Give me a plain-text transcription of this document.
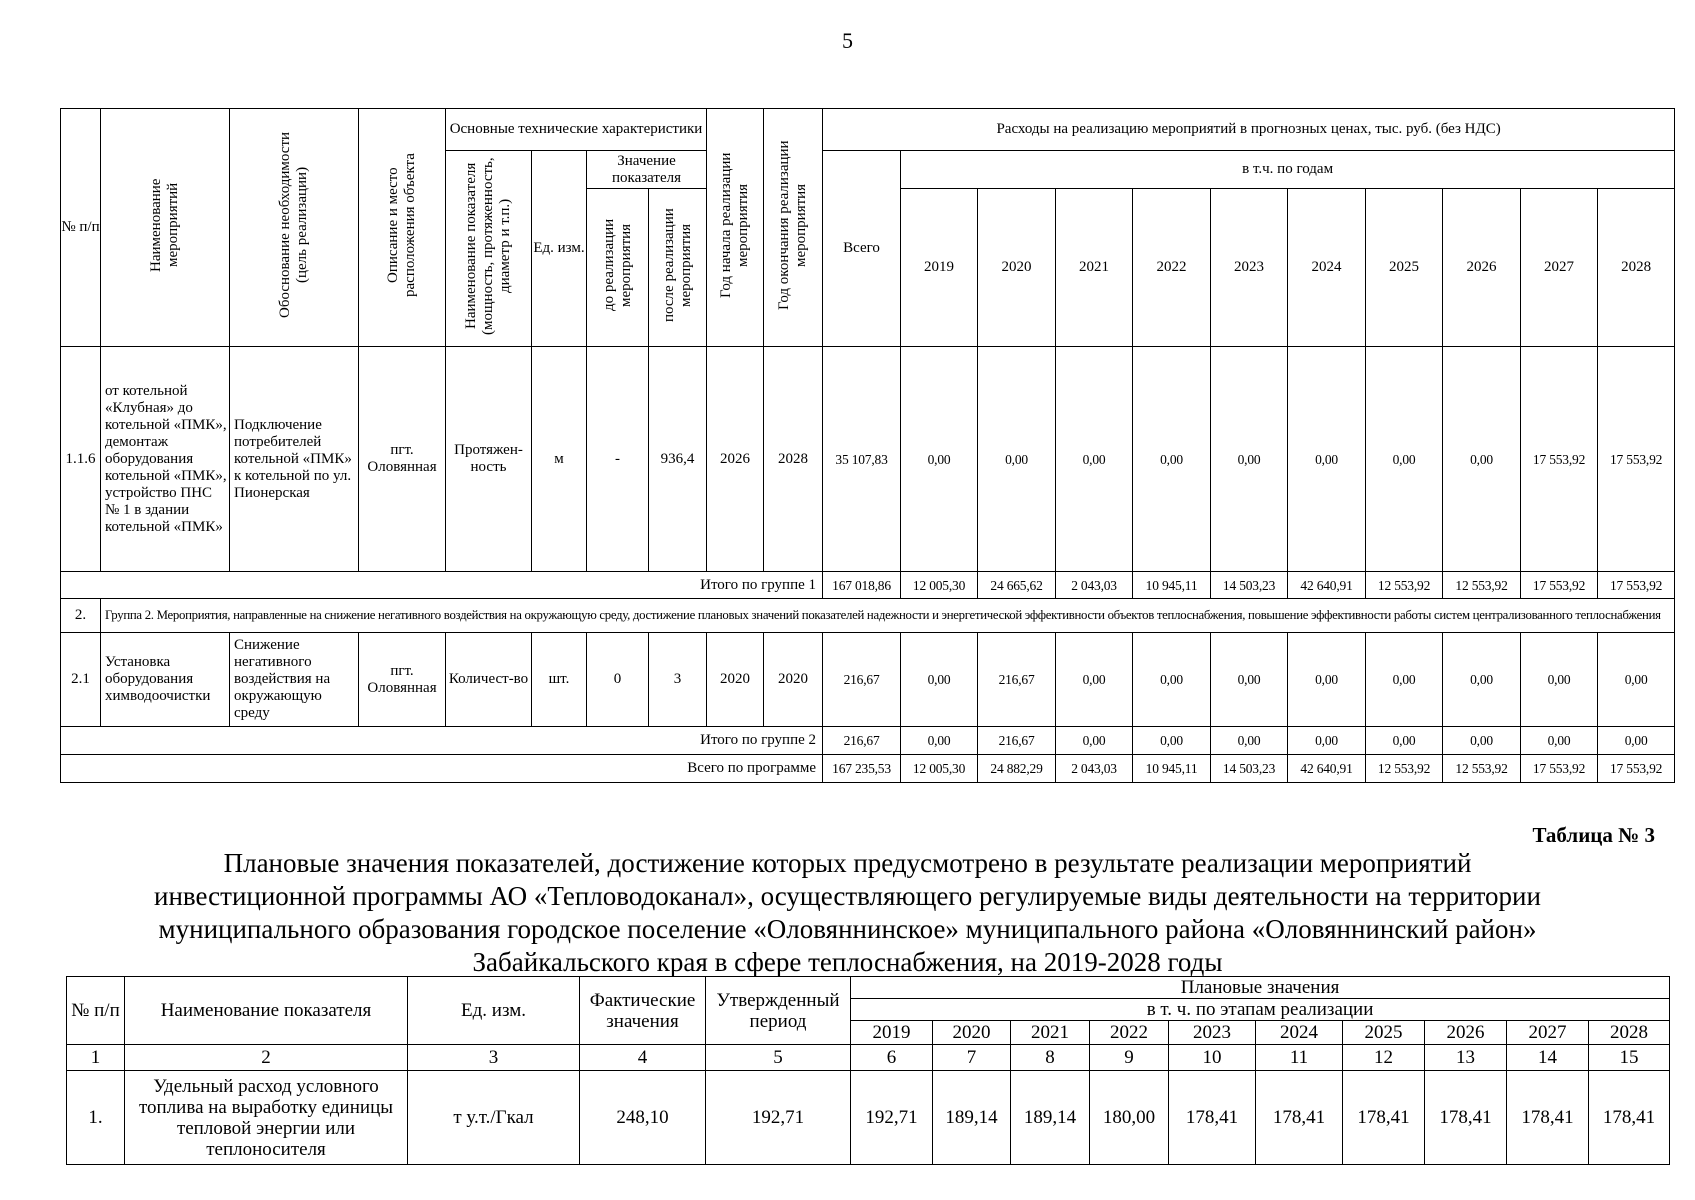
5
№ п/п	Наименование мероприятий	Обоснование необходимости (цель реализации)	Описание и место расположения объекта	Основные технические характеристики				Год начала реализации мероприятия	Год окончания реализации мероприятия	Расходы на реализацию мероприятий в прогнозных ценах, тыс. руб. (без НДС)										
				Наименование показателя (мощность, протяженность, диаметр и т.п.)	Ед. изм.	Значение показателя				Всего	в т.ч. по годам									
						до реализации мероприятия	после реализации мероприятия				2019	2020	2021	2022	2023	2024	2025	2026	2027	2028

1.1.6	от котельной «Клубная» до котельной «ПМК», демонтаж оборудования котельной «ПМК», устройство ПНС № 1 в здании котельной «ПМК»	Подключение потребителей котельной «ПМК» к котельной по ул. Пионерская	пгт. Оловянная	Протяжен-ность	м	-	936,4	2026	2028	35 107,83	0,00	0,00	0,00	0,00	0,00	0,00	0,00	0,00	17 553,92	17 553,92
Итого по группе 1										167 018,86	12 005,30	24 665,62	2 043,03	10 945,11	14 503,23	42 640,91	12 553,92	12 553,92	17 553,92	17 553,92
2.	Группа 2. Мероприятия, направленные на снижение негативного воздействия на окружающую среду, достижение плановых значений показателей надежности и энергетической эффективности объектов теплоснабжения, повышение эффективности работы систем централизованного теплоснабжения																			
2.1	Установка оборудования химводоочистки	Снижение негативного воздействия на окружающую среду	пгт. Оловянная	Количест-во	шт.	0	3	2020	2020	216,67	0,00	216,67	0,00	0,00	0,00	0,00	0,00	0,00	0,00	0,00
Итого по группе 2										216,67	0,00	216,67	0,00	0,00	0,00	0,00	0,00	0,00	0,00	0,00
Всего по программе										167 235,53	12 005,30	24 882,29	2 043,03	10 945,11	14 503,23	42 640,91	12 553,92	12 553,92	17 553,92	17 553,92
Таблица № 3
Плановые значения показателей, достижение которых предусмотрено в результате реализации мероприятий
инвестиционной программы АО «Тепловодоканал», осуществляющего регулируемые виды деятельности на территории
муниципального образования городское поселение «Оловяннинское» муниципального района «Оловяннинский район»
Забайкальского края в сфере теплоснабжения, на 2019-2028 годы
№ п/п	Наименование показателя	Ед. изм.	Фактические значения	Утвержденный период	Плановые значения									
					в т. ч. по этапам реализации									
					2019	2020	2021	2022	2023	2024	2025	2026	2027	2028
1	2	3	4	5	6	7	8	9	10	11	12	13	14	15
1.	Удельный расход условного топлива на выработку единицы тепловой энергии или теплоносителя	т у.т./Гкал	248,10	192,71	192,71	189,14	189,14	180,00	178,41	178,41	178,41	178,41	178,41	178,41
